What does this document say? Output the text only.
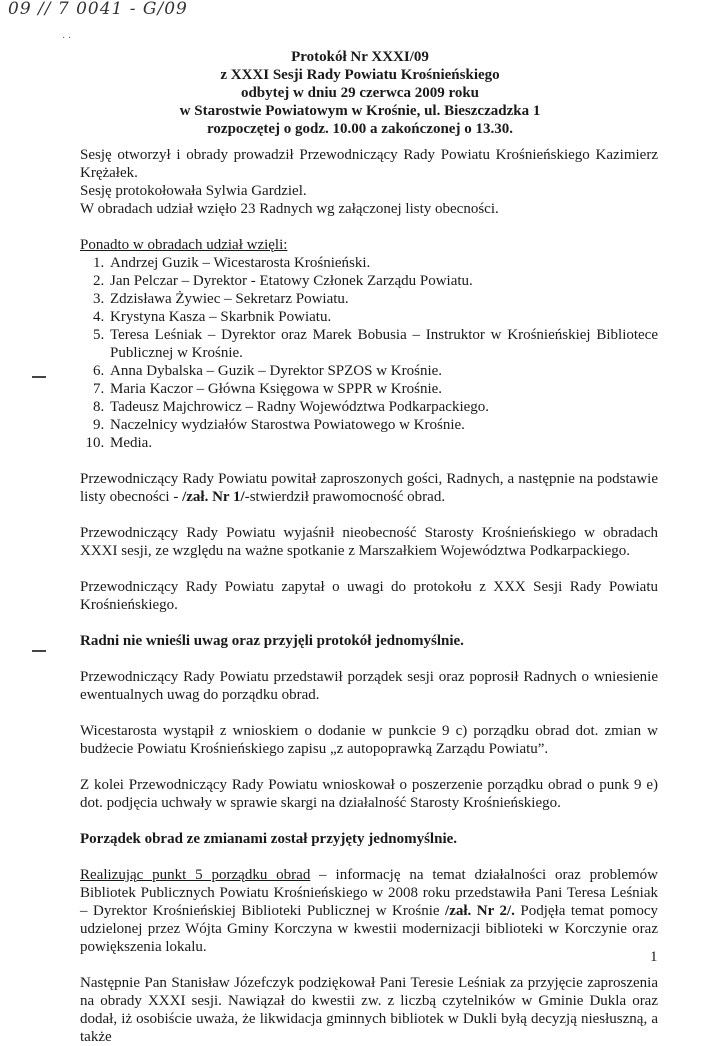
09 // 7 0041 - G/09
· ·
Protokół Nr XXXI/09
z XXXI Sesji Rady Powiatu Krośnieńskiego
odbytej w dniu 29 czerwca 2009 roku
w Starostwie Powiatowym w Krośnie, ul. Bieszczadzka 1
rozpoczętej o godz. 10.00 a zakończonej o 13.30.

Sesję otworzył i obrady prowadził Przewodniczący Rady Powiatu Krośnieńskiego Kazimierz Krężałek.

Sesję protokołowała Sylwia Gardziel.

W obradach udział wzięło 23 Radnych wg załączonej listy obecności.

Ponadto w obradach udział wzięli:

1. Andrzej Guzik – Wicestarosta Krośnieński.
2. Jan Pelczar – Dyrektor - Etatowy Członek Zarządu Powiatu.
3. Zdzisława Żywiec – Sekretarz Powiatu.
4. Krystyna Kasza – Skarbnik Powiatu.
5. Teresa Leśniak – Dyrektor oraz Marek Bobusia – Instruktor w Krośnieńskiej Bibliotece Publicznej w Krośnie.
6. Anna Dybalska – Guzik – Dyrektor SPZOS w Krośnie.
7. Maria Kaczor – Główna Księgowa w SPPR w Krośnie.
8. Tadeusz Majchrowicz – Radny Województwa Podkarpackiego.
9. Naczelnicy wydziałów Starostwa Powiatowego w Krośnie.
10. Media.

Przewodniczący Rady Powiatu powitał zaproszonych gości, Radnych, a następnie na podstawie listy obecności - /zał. Nr 1/-stwierdził prawomocność obrad.

Przewodniczący Rady Powiatu wyjaśnił nieobecność Starosty Krośnieńskiego w obradach XXXI sesji, ze względu na ważne spotkanie z Marszałkiem Województwa Podkarpackiego.

Przewodniczący Rady Powiatu zapytał o uwagi do protokołu z XXX Sesji Rady Powiatu Krośnieńskiego.

Radni nie wnieśli uwag oraz przyjęli protokół jednomyślnie.

Przewodniczący Rady Powiatu przedstawił porządek sesji oraz poprosił Radnych o wniesienie ewentualnych uwag do porządku obrad.

Wicestarosta wystąpił z wnioskiem o dodanie w punkcie 9 c) porządku obrad dot. zmian w budżecie Powiatu Krośnieńskiego zapisu „z autopoprawką Zarządu Powiatu”.

Z kolei Przewodniczący Rady Powiatu wnioskował o poszerzenie porządku obrad o punk 9 e) dot. podjęcia uchwały w sprawie skargi na działalność Starosty Krośnieńskiego.

Porządek obrad ze zmianami został przyjęty jednomyślnie.

Realizując punkt 5 porządku obrad – informację na temat działalności oraz problemów Bibliotek Publicznych Powiatu Krośnieńskiego w 2008 roku przedstawiła Pani Teresa Leśniak – Dyrektor Krośnieńskiej Biblioteki Publicznej w Krośnie /zał. Nr 2/. Podjęła temat pomocy udzielonej przez Wójta Gminy Korczyna w kwestii modernizacji biblioteki w Korczynie oraz powiększenia lokalu.

Następnie Pan Stanisław Józefczyk podziękował Pani Teresie Leśniak za przyjęcie zaproszenia na obrady XXXI sesji. Nawiązał do kwestii zw. z liczbą czytelników w Gminie Dukla oraz dodał, iż osobiście uważa, że likwidacja gminnych bibliotek w Dukli byłą decyzją niesłuszną, a także

1
